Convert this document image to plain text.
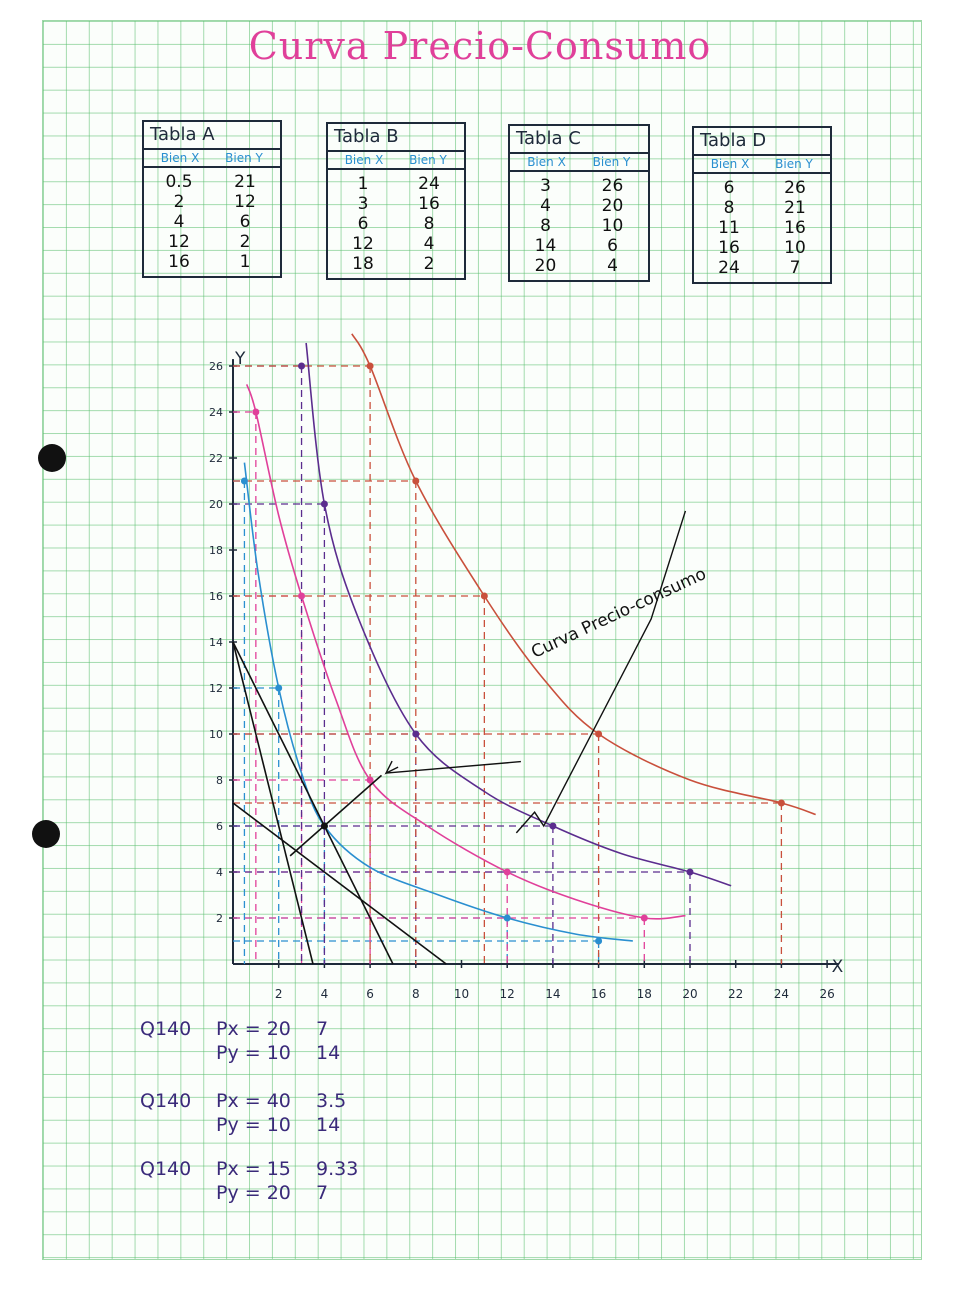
Curva Precio-Consumo
Tabla A
Bien X	Bien Y
0.5	21
2	12
4	6
12	2
16	1
Tabla B
Bien X	Bien Y
1	24
3	16
6	8
12	4
18	2
Tabla C
Bien X	Bien Y
3	26
4	20
8	10
14	6
20	4
Tabla D
Bien X	Bien Y
6	26
8	21
11	16
16	10
24	7
X
Y
2	4	6	8	10	12	14	16	18	20	22	24	26
2
4
6
8
10
12
14
16
18
20
22
24
26
Curva Precio-consumo
Q140 Px = 20 7
Py = 10 14
Q140 Px = 40 3.5
Py = 10 14
Q140 Px = 15 9.33
Py = 20 7
